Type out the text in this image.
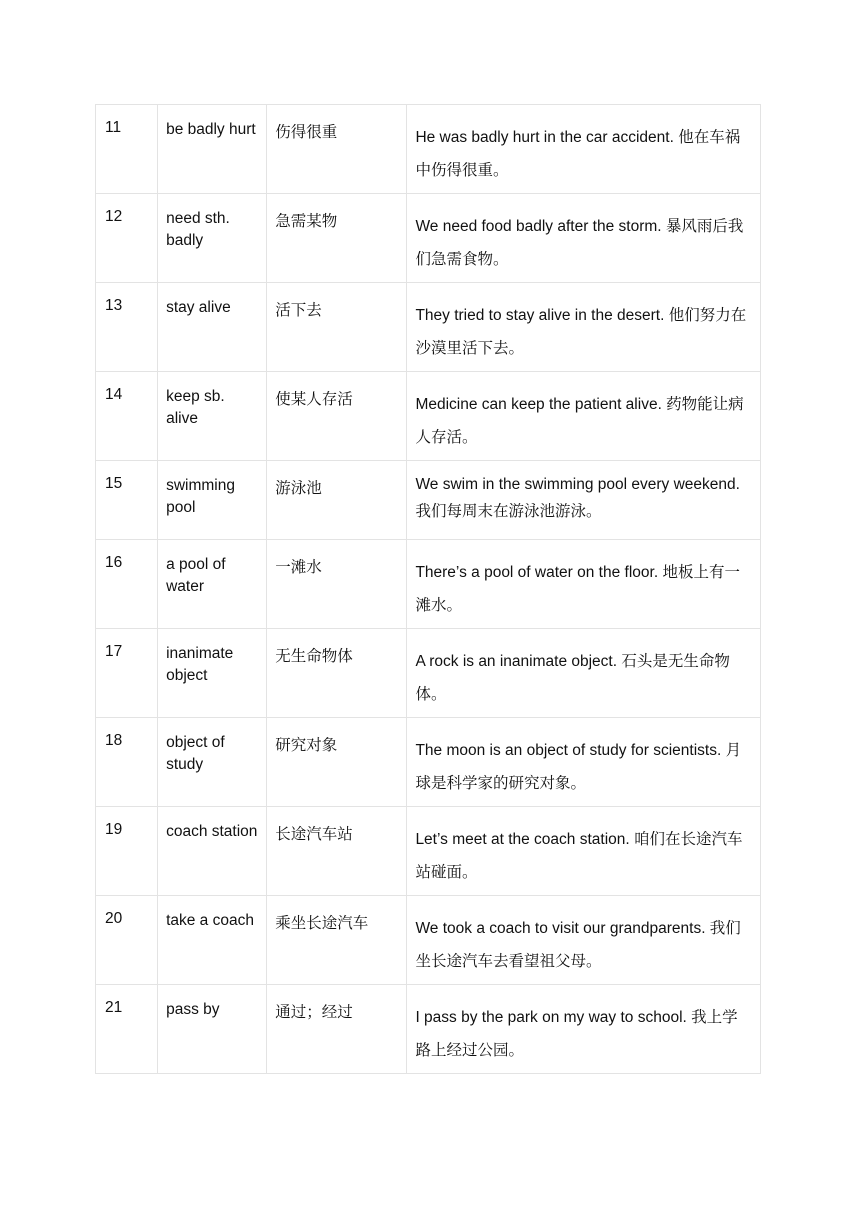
11	be badly hurt	伤得很重	He was badly hurt in the car accident. 他在车祸中伤得很重。

12	need sth. badly	急需某物	We need food badly after the storm. 暴风雨后我们急需食物。

13	stay alive	活下去	They tried to stay alive in the desert. 他们努力在沙漠里活下去。

14	keep sb. alive	使某人存活	Medicine can keep the patient alive. 药物能让病人存活。

15	swimming pool	游泳池	We swim in the swimming pool every weekend. 我们每周末在游泳池游泳。

16	a pool of water	一滩水	There’s a pool of water on the floor. 地板上有一滩水。

17	inanimate object	无生命物体	A rock is an inanimate object. 石头是无生命物体。

18	object of study	研究对象	The moon is an object of study for scientists. 月球是科学家的研究对象。

19	coach station	长途汽车站	Let’s meet at the coach station. 咱们在长途汽车站碰面。

20	take a coach	乘坐长途汽车	We took a coach to visit our grandparents. 我们坐长途汽车去看望祖父母。

21	pass by	通过；经过	I pass by the park on my way to school. 我上学路上经过公园。
